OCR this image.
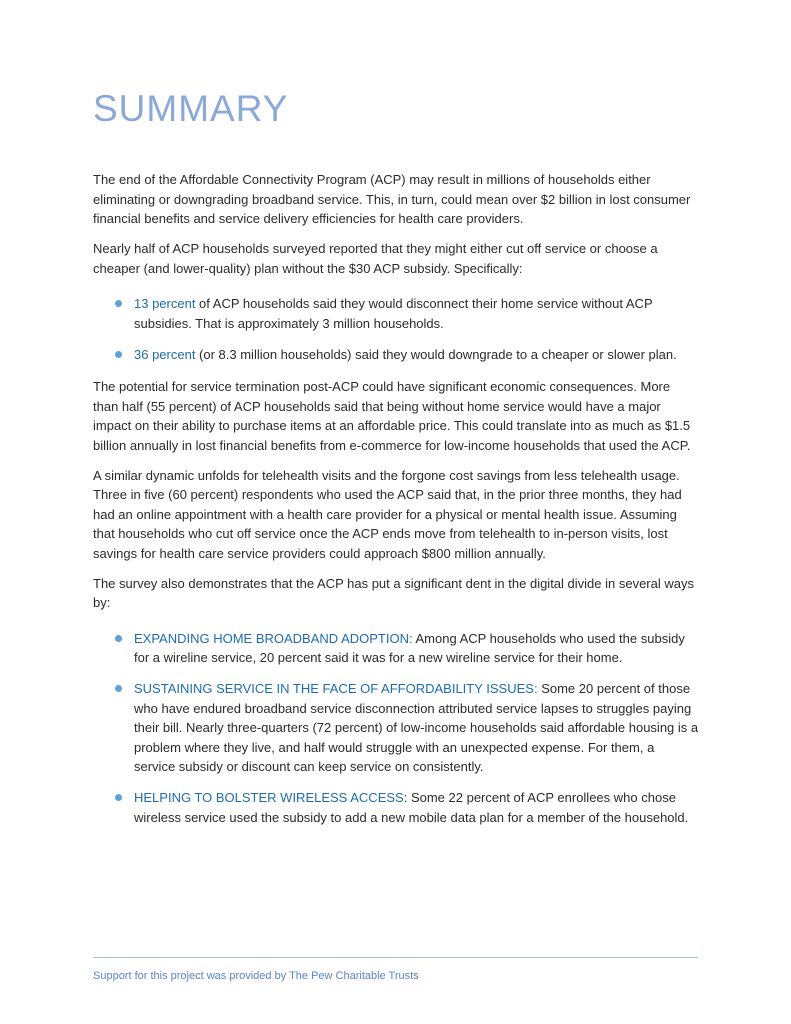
SUMMARY

The end of the Affordable Connectivity Program (ACP) may result in millions of households either eliminating or downgrading broadband service. This, in turn, could mean over $2 billion in lost consumer financial benefits and service delivery efficiencies for health care providers.

Nearly half of ACP households surveyed reported that they might either cut off service or choose a cheaper (and lower-quality) plan without the $30 ACP subsidy. Specifically:

13 percent of ACP households said they would disconnect their home service without ACP subsidies. That is approximately 3 million households.
36 percent (or 8.3 million households) said they would downgrade to a cheaper or slower plan.

The potential for service termination post-ACP could have significant economic consequences. More than half (55 percent) of ACP households said that being without home service would have a major impact on their ability to purchase items at an affordable price. This could translate into as much as $1.5 billion annually in lost financial benefits from e-commerce for low-income households that used the ACP.

A similar dynamic unfolds for telehealth visits and the forgone cost savings from less telehealth usage. Three in five (60 percent) respondents who used the ACP said that, in the prior three months, they had had an online appointment with a health care provider for a physical or mental health issue. Assuming that households who cut off service once the ACP ends move from telehealth to in-person visits, lost savings for health care service providers could approach $800 million annually.

The survey also demonstrates that the ACP has put a significant dent in the digital divide in several ways by:

EXPANDING HOME BROADBAND ADOPTION: Among ACP households who used the subsidy for a wireline service, 20 percent said it was for a new wireline service for their home.
SUSTAINING SERVICE IN THE FACE OF AFFORDABILITY ISSUES: Some 20 percent of those who have endured broadband service disconnection attributed service lapses to struggles paying their bill. Nearly three-quarters (72 percent) of low-income households said affordable housing is a problem where they live, and half would struggle with an unexpected expense. For them, a service subsidy or discount can keep service on consistently.
HELPING TO BOLSTER WIRELESS ACCESS: Some 22 percent of ACP enrollees who chose wireless service used the subsidy to add a new mobile data plan for a member of the household.
Support for this project was provided by The Pew Charitable Trusts
